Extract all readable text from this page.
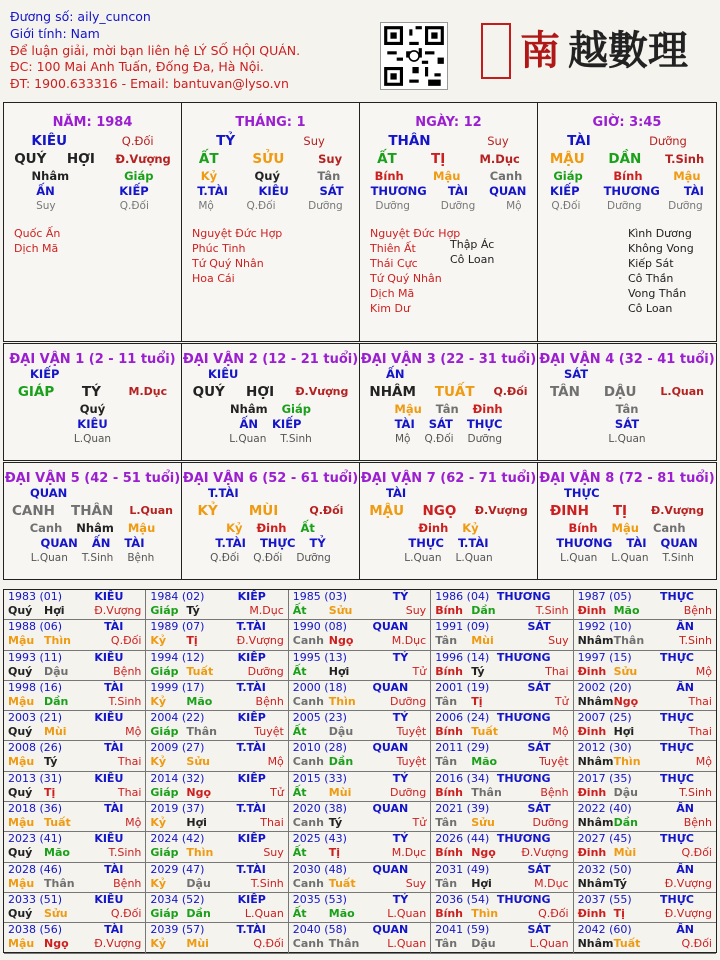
Đương số: aily_cuncon
Giới tính: Nam
Để luận giải, mời bạn liên hệ LÝ SỐ HỘI QUÁN.
ĐC: 100 Mai Anh Tuấn, Đống Đa, Hà Nội.
ĐT: 1900.633316 - Email: bantuvan@lyso.vn
南 越數理
NĂM: 1984
KIÊU	Q.Đối
QUÝ HỢI Đ.Vượng
Nhâm	Giáp
ẤN	KIẾP
Suy	Q.Đối
Quốc Ấn
Dịch Mã
THÁNG: 1
TỶ	Suy
ẤT	SỬU	Suy
Kỷ	Quý	Tân
T.TÀI	KIÊU	SÁT
Mộ	Q.Đối	Dưỡng
Nguyệt Đức Hợp
Phúc Tinh
Tứ Quý Nhân
Hoa Cái
NGÀY: 12
THÂN	Suy
ẤT	TỊ	M.Dục
Bính	Mậu	Canh
THƯƠNG TÀI QUAN
Dưỡng	Dưỡng	Mộ
Nguyệt Đức Hợp
Thiên Ất
Thái Cực
Tứ Quý Nhân
Dịch Mã
Kim Dư
Thập Ác
Cô Loan
GIỜ: 3:45
TÀI	Dưỡng
MẬU DẦN T.Sinh
Giáp	Bính	Mậu
KIẾP THƯƠNG TÀI
Q.Đối	Dưỡng	Dưỡng
Kình Dương
Không Vong
Kiếp Sát
Cô Thần
Vong Thần
Cô Loan
ĐẠI VẬN 1 (2 - 11 tuổi)
KIẾP
GIÁP TÝ	M.Dục
Quý
KIÊU
L.Quan
ĐẠI VẬN 2 (12 - 21 tuổi)
KIÊU
QUÝ HỢI Đ.Vượng
Nhâm Giáp
ẤN KIẾP
L.Quan T.Sinh
ĐẠI VẬN 3 (22 - 31 tuổi)
ẤN
NHÂM TUẤT Q.Đối
Mậu Tân Đinh
TÀI SÁT THỰC
Mộ Q.Đối Dưỡng
ĐẠI VẬN 4 (32 - 41 tuổi)
SÁT
TÂN DẬU L.Quan
Tân
SÁT
L.Quan
ĐẠI VẬN 5 (42 - 51 tuổi)
QUAN
CANH THÂN L.Quan
Canh Nhâm Mậu
QUAN ẤN TÀI
L.Quan T.Sinh Bệnh
ĐẠI VẬN 6 (52 - 61 tuổi)
T.TÀI
KỶ MÙI	Q.Đối
Kỷ Đinh Ất
T.TÀI THỰC TỶ
Q.Đối Q.Đối Dưỡng
ĐẠI VẬN 7 (62 - 71 tuổi)
TÀI
MẬU NGỌ Đ.Vượng
Đinh Kỷ
THỰC T.TÀI
L.Quan L.Quan
ĐẠI VẬN 8 (72 - 81 tuổi)
THỰC
ĐINH TỊ Đ.Vượng
Bính Mậu Canh
THƯƠNG TÀI QUAN
L.Quan L.Quan T.Sinh
1983 (01)	KIÊU
Quý	Hợi	Đ.Vượng
1984 (02)	KIẾP
Giáp Tý	M.Dục
1985 (03)	TỶ
Ất	Sửu	Suy
1986 (04) THƯƠNG
Bính Dần	T.Sinh
1987 (05)	THỰC
Đinh Mão	Bệnh
1988 (06)	TÀI
Mậu Thìn	Q.Đối
1989 (07)	T.TÀI
Kỷ	Tị	Đ.Vượng
1990 (08) QUAN
Canh Ngọ	M.Dục
1991 (09)	SÁT
Tân	Mùi	Suy
1992 (10)	ẤN
Nhâm Thân	T.Sinh
1993 (11)	KIÊU
Quý	Dậu	Bệnh
1994 (12)	KIẾP
Giáp Tuất	Dưỡng
1995 (13)	TỶ
Ất	Hợi	Tử
1996 (14) THƯƠNG
Bính Tý	Thai
1997 (15)	THỰC
Đinh Sửu	Mộ
1998 (16)	TÀI
Mậu Dần	T.Sinh
1999 (17)	T.TÀI
Kỷ	Mão	Bệnh
2000 (18) QUAN
Canh Thìn	Dưỡng
2001 (19)	SÁT
Tân	Tị	Tử
2002 (20)	ẤN
Nhâm Ngọ	Thai
2003 (21)	KIÊU
Quý	Mùi	Mộ
2004 (22)	KIẾP
Giáp Thân	Tuyệt
2005 (23)	TỶ
Ất	Dậu	Tuyệt
2006 (24) THƯƠNG
Bính Tuất	Mộ
2007 (25)	THỰC
Đinh Hợi	Thai
2008 (26)	TÀI
Mậu Tý	Thai
2009 (27)	T.TÀI
Kỷ	Sửu	Mộ
2010 (28) QUAN
Canh Dần	Tuyệt
2011 (29)	SÁT
Tân	Mão	Tuyệt
2012 (30)	THỰC
Nhâm Thìn	Mộ
2013 (31)	KIÊU
Quý	Tị	Thai
2014 (32)	KIẾP
Giáp Ngọ	Tử
2015 (33)	TỶ
Ất	Mùi	Dưỡng
2016 (34) THƯƠNG
Bính Thân	Bệnh
2017 (35)	THỰC
Đinh Dậu	T.Sinh
2018 (36)	TÀI
Mậu Tuất	Mộ
2019 (37)	T.TÀI
Kỷ	Hợi	Thai
2020 (38) QUAN
Canh Tý	Tử
2021 (39)	SÁT
Tân	Sửu	Dưỡng
2022 (40)	ẤN
Nhâm Dần	Bệnh
2023 (41)	KIÊU
Quý	Mão	T.Sinh
2024 (42)	KIẾP
Giáp Thìn	Suy
2025 (43)	TỶ
Ất	Tị	M.Dục
2026 (44) THƯƠNG
Bính Ngọ	Đ.Vượng
2027 (45)	THỰC
Đinh Mùi	Q.Đối
2028 (46)	TÀI
Mậu Thân	Bệnh
2029 (47)	T.TÀI
Kỷ	Dậu	T.Sinh
2030 (48) QUAN
Canh Tuất	Suy
2031 (49)	SÁT
Tân	Hợi	M.Dục
2032 (50)	ẤN
Nhâm Tý	Đ.Vượng
2033 (51)	KIÊU
Quý	Sửu	Q.Đối
2034 (52)	KIẾP
Giáp Dần	L.Quan
2035 (53)	TỶ
Ất	Mão	L.Quan
2036 (54) THƯƠNG
Bính Thìn	Q.Đối
2037 (55)	THỰC
Đinh Tị	Đ.Vượng
2038 (56)	TÀI
Mậu Ngọ	Đ.Vượng
2039 (57)	T.TÀI
Kỷ	Mùi	Q.Đối
2040 (58) QUAN
Canh Thân	L.Quan
2041 (59)	SÁT
Tân	Dậu	L.Quan
2042 (60)	ẤN
Nhâm Tuất	Q.Đối
